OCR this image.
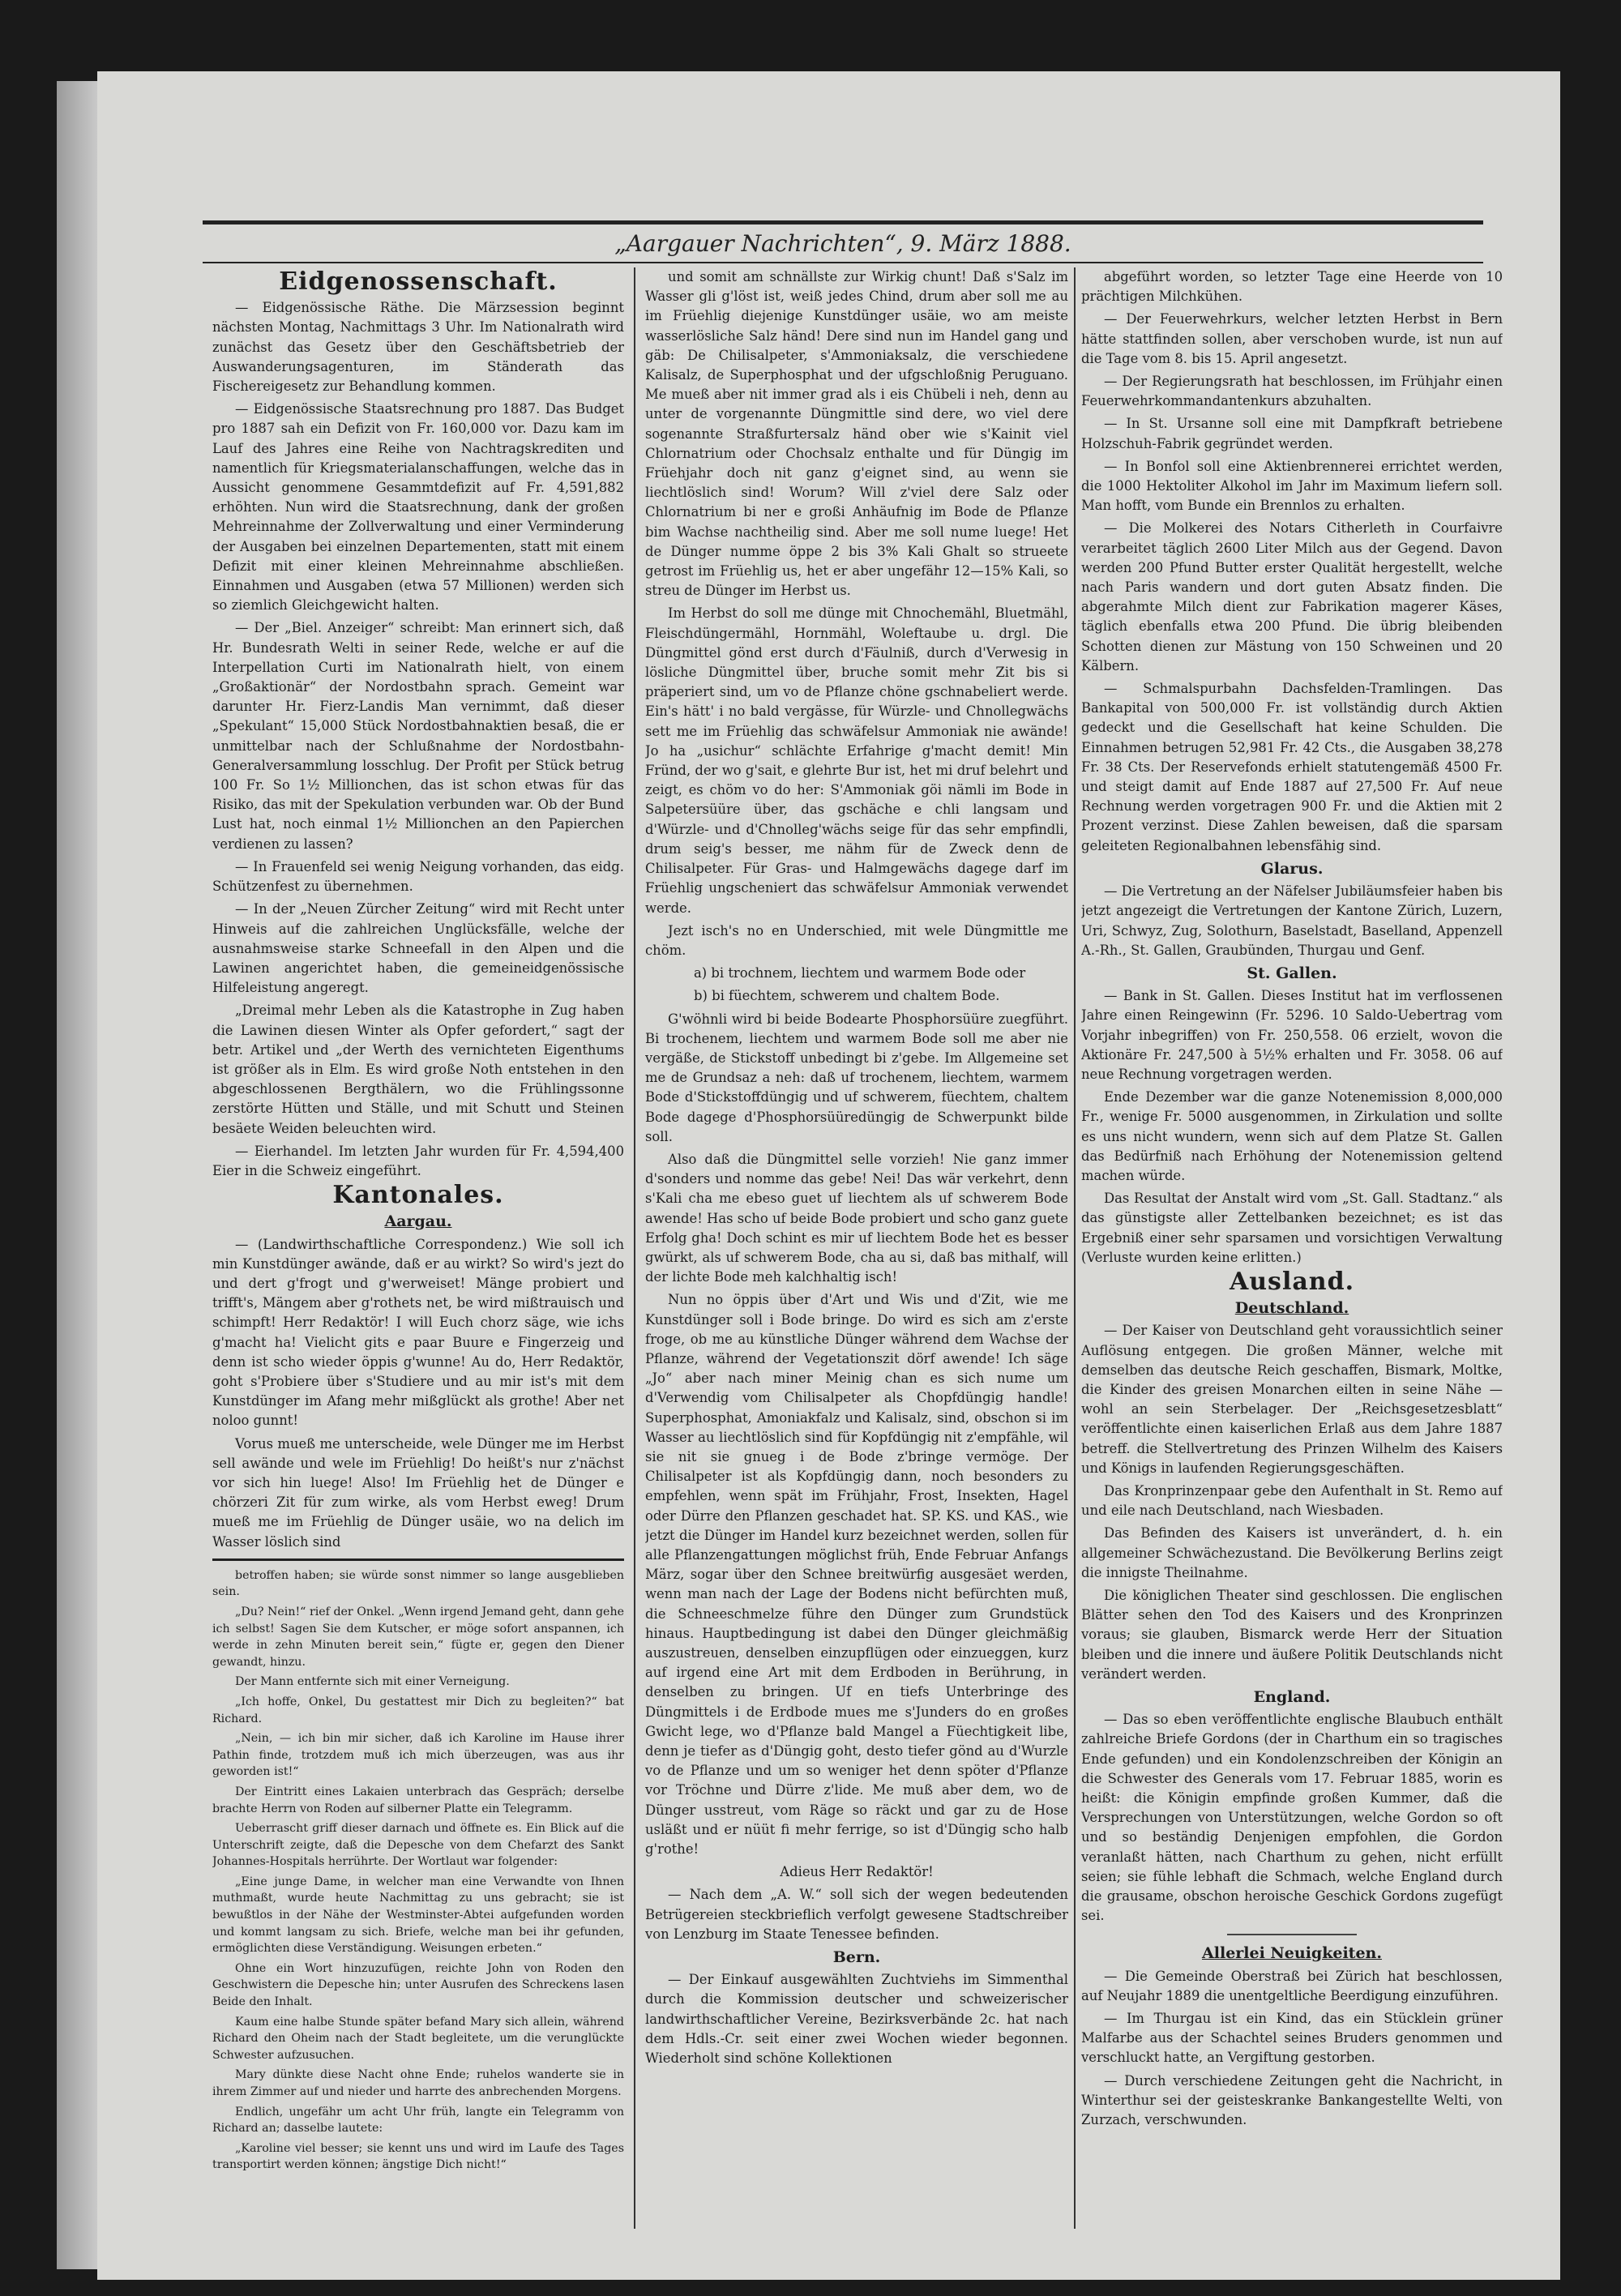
„Aargauer Nachrichten“, 9. März 1888.
Eidgenossenschaft.

— Eidgenössische Räthe. Die Märzsession beginnt nächsten Montag, Nachmittags 3 Uhr. Im Nationalrath wird zunächst das Gesetz über den Geschäftsbetrieb der Auswanderungsagenturen, im Ständerath das Fischereigesetz zur Behandlung kommen.

— Eidgenössische Staatsrechnung pro 1887. Das Budget pro 1887 sah ein Defizit von Fr. 160,000 vor. Dazu kam im Lauf des Jahres eine Reihe von Nachtragskrediten und namentlich für Kriegsmaterialanschaffungen, welche das in Aussicht genommene Gesammtdefizit auf Fr. 4,591,882 erhöhten. Nun wird die Staatsrechnung, dank der großen Mehreinnahme der Zollverwaltung und einer Verminderung der Ausgaben bei einzelnen Departementen, statt mit einem Defizit mit einer kleinen Mehreinnahme abschließen. Einnahmen und Ausgaben (etwa 57 Millionen) werden sich so ziemlich Gleichgewicht halten.

— Der „Biel. Anzeiger“ schreibt: Man erinnert sich, daß Hr. Bundesrath Welti in seiner Rede, welche er auf die Interpellation Curti im Nationalrath hielt, von einem „Großaktionär“ der Nordostbahn sprach. Gemeint war darunter Hr. Fierz-Landis Man vernimmt, daß dieser „Spekulant“ 15,000 Stück Nordostbahnaktien besaß, die er unmittelbar nach der Schlußnahme der Nordostbahn-Generalversammlung losschlug. Der Profit per Stück betrug 100 Fr. So 1½ Millionchen, das ist schon etwas für das Risiko, das mit der Spekulation verbunden war. Ob der Bund Lust hat, noch einmal 1½ Millionchen an den Papierchen verdienen zu lassen?

— In Frauenfeld sei wenig Neigung vorhanden, das eidg. Schützenfest zu übernehmen.

— In der „Neuen Zürcher Zeitung“ wird mit Recht unter Hinweis auf die zahlreichen Unglücksfälle, welche der ausnahmsweise starke Schneefall in den Alpen und die Lawinen angerichtet haben, die gemeineidgenössische Hilfeleistung angeregt.

„Dreimal mehr Leben als die Katastrophe in Zug haben die Lawinen diesen Winter als Opfer gefordert,“ sagt der betr. Artikel und „der Werth des vernichteten Eigenthums ist größer als in Elm. Es wird große Noth entstehen in den abgeschlossenen Bergthälern, wo die Frühlingssonne zerstörte Hütten und Ställe, und mit Schutt und Steinen besäete Weiden beleuchten wird.

— Eierhandel. Im letzten Jahr wurden für Fr. 4,594,400 Eier in die Schweiz eingeführt.

Kantonales.
Aargau.

— (Landwirthschaftliche Correspondenz.) Wie soll ich min Kunstdünger awände, daß er au wirkt? So wird's jezt do und dert g'frogt und g'werweiset! Mänge probiert und trifft's, Mängem aber g'rothets net, be wird mißtrauisch und schimpft! Herr Redaktör! I will Euch chorz säge, wie ichs g'macht ha! Vielicht gits e paar Buure e Fingerzeig und denn ist scho wieder öppis g'wunne! Au do, Herr Redaktör, goht s'Probiere über s'Studiere und au mir ist's mit dem Kunstdünger im Afang mehr mißglückt als grothe! Aber net noloo gunnt!

Vorus mueß me unterscheide, wele Dünger me im Herbst sell awände und wele im Früehlig! Do heißt's nur z'nächst vor sich hin luege! Also! Im Früehlig het de Dünger e chörzeri Zit für zum wirke, als vom Herbst eweg! Drum mueß me im Früehlig de Dünger usäie, wo na delich im Wasser löslich sind

betroffen haben; sie würde sonst nimmer so lange ausgeblieben sein.

„Du? Nein!“ rief der Onkel. „Wenn irgend Jemand geht, dann gehe ich selbst! Sagen Sie dem Kutscher, er möge sofort anspannen, ich werde in zehn Minuten bereit sein,“ fügte er, gegen den Diener gewandt, hinzu.

Der Mann entfernte sich mit einer Verneigung.

„Ich hoffe, Onkel, Du gestattest mir Dich zu begleiten?“ bat Richard.

„Nein, — ich bin mir sicher, daß ich Karoline im Hause ihrer Pathin finde, trotzdem muß ich mich überzeugen, was aus ihr geworden ist!“

Der Eintritt eines Lakaien unterbrach das Gespräch; derselbe brachte Herrn von Roden auf silberner Platte ein Telegramm.

Ueberrascht griff dieser darnach und öffnete es. Ein Blick auf die Unterschrift zeigte, daß die Depesche von dem Chefarzt des Sankt Johannes-Hospitals herrührte. Der Wortlaut war folgender:

„Eine junge Dame, in welcher man eine Verwandte von Ihnen muthmaßt, wurde heute Nachmittag zu uns gebracht; sie ist bewußtlos in der Nähe der Westminster-Abtei aufgefunden worden und kommt langsam zu sich. Briefe, welche man bei ihr gefunden, ermöglichten diese Verständigung. Weisungen erbeten.“

Ohne ein Wort hinzuzufügen, reichte John von Roden den Geschwistern die Depesche hin; unter Ausrufen des Schreckens lasen Beide den Inhalt.

Kaum eine halbe Stunde später befand Mary sich allein, während Richard den Oheim nach der Stadt begleitete, um die verunglückte Schwester aufzusuchen.

Mary dünkte diese Nacht ohne Ende; ruhelos wanderte sie in ihrem Zimmer auf und nieder und harrte des anbrechenden Morgens.

Endlich, ungefähr um acht Uhr früh, langte ein Telegramm von Richard an; dasselbe lautete:

„Karoline viel besser; sie kennt uns und wird im Laufe des Tages transportirt werden können; ängstige Dich nicht!“

und somit am schnällste zur Wirkig chunt! Daß s'Salz im Wasser gli g'löst ist, weiß jedes Chind, drum aber soll me au im Früehlig diejenige Kunstdünger usäie, wo am meiste wasserlösliche Salz händ! Dere sind nun im Handel gang und gäb: De Chilisalpeter, s'Ammoniaksalz, die verschiedene Kalisalz, de Superphosphat und der ufgschloßnig Peruguano. Me mueß aber nit immer grad als i eis Chübeli i neh, denn au unter de vorgenannte Düngmittle sind dere, wo viel dere sogenannte Straßfurtersalz händ ober wie s'Kainit viel Chlornatrium oder Chochsalz enthalte und für Düngig im Früehjahr doch nit ganz g'eignet sind, au wenn sie liechtlöslich sind! Worum? Will z'viel dere Salz oder Chlornatrium bi ner e großi Anhäufnig im Bode de Pflanze bim Wachse nachtheilig sind. Aber me soll nume luege! Het de Dünger numme öppe 2 bis 3% Kali Ghalt so strueete getrost im Früehlig us, het er aber ungefähr 12—15% Kali, so streu de Dünger im Herbst us.

Im Herbst do soll me dünge mit Chnochemähl, Bluetmähl, Fleischdüngermähl, Hornmähl, Woleftaube u. drgl. Die Düngmittel gönd erst durch d'Fäulniß, durch d'Verwesig in lösliche Düngmittel über, bruche somit mehr Zit bis si präperiert sind, um vo de Pflanze chöne gschnabeliert werde. Ein's hätt' i no bald vergässe, für Würzle- und Chnollegwächs sett me im Früehlig das schwäfelsur Ammoniak nie awände! Jo ha „usichur“ schlächte Erfahrige g'macht demit! Min Fründ, der wo g'sait, e glehrte Bur ist, het mi druf belehrt und zeigt, es chöm vo do her: S'Ammoniak göi nämli im Bode in Salpetersüüre über, das gschäche e chli langsam und d'Würzle- und d'Chnolleg'wächs seige für das sehr empfindli, drum seig's besser, me nähm für de Zweck denn de Chilisalpeter. Für Gras- und Halmgewächs dagege darf im Früehlig ungscheniert das schwäfelsur Ammoniak verwendet werde.

Jezt isch's no en Underschied, mit wele Düngmittle me chöm.

a) bi trochnem, liechtem und warmem Bode oder
b) bi füechtem, schwerem und chaltem Bode.

G'wöhnli wird bi beide Bodearte Phosphorsüüre zuegführt. Bi trochenem, liechtem und warmem Bode soll me aber nie vergäße, de Stickstoff unbedingt bi z'gebe. Im Allgemeine set me de Grundsaz a neh: daß uf trochenem, liechtem, warmem Bode d'Stickstoffdüngig und uf schwerem, füechtem, chaltem Bode dagege d'Phosphorsüüredüngig de Schwerpunkt bilde soll.

Also daß die Düngmittel selle vorzieh! Nie ganz immer d'sonders und nomme das gebe! Nei! Das wär verkehrt, denn s'Kali cha me ebeso guet uf liechtem als uf schwerem Bode awende! Has scho uf beide Bode probiert und scho ganz guete Erfolg gha! Doch schint es mir uf liechtem Bode het es besser gwürkt, als uf schwerem Bode, cha au si, daß bas mithalf, will der lichte Bode meh kalchhaltig isch!

Nun no öppis über d'Art und Wis und d'Zit, wie me Kunstdünger soll i Bode bringe. Do wird es sich am z'erste froge, ob me au künstliche Dünger während dem Wachse der Pflanze, während der Vegetationszit dörf awende! Ich säge „Jo“ aber nach miner Meinig chan es sich nume um d'Verwendig vom Chilisalpeter als Chopfdüngig handle! Superphosphat, Amoniakfalz und Kalisalz, sind, obschon si im Wasser au liechtlöslich sind für Kopfdüngig nit z'empfähle, wil sie nit sie gnueg i de Bode z'bringe vermöge. Der Chilisalpeter ist als Kopfdüngig dann, noch besonders zu empfehlen, wenn spät im Frühjahr, Frost, Insekten, Hagel oder Dürre den Pflanzen geschadet hat. SP. KS. und KAS., wie jetzt die Dünger im Handel kurz bezeichnet werden, sollen für alle Pflanzengattungen möglichst früh, Ende Februar Anfangs März, sogar über den Schnee breitwürfig ausgesäet werden, wenn man nach der Lage der Bodens nicht befürchten muß, die Schneeschmelze führe den Dünger zum Grundstück hinaus. Hauptbedingung ist dabei den Dünger gleichmäßig auszustreuen, denselben einzupflügen oder einzueggen, kurz auf irgend eine Art mit dem Erdboden in Berührung, in denselben zu bringen. Uf en tiefs Unterbringe des Düngmittels i de Erdbode mues me s'Junders do en großes Gwicht lege, wo d'Pflanze bald Mangel a Füechtigkeit libe, denn je tiefer as d'Düngig goht, desto tiefer gönd au d'Wurzle vo de Pflanze und um so weniger het denn spöter d'Pflanze vor Tröchne und Dürre z'lide. Me muß aber dem, wo de Dünger usstreut, vom Räge so räckt und gar zu de Hose usläßt und er nüüt fi mehr ferrige, so ist d'Düngig scho halb g'rothe!

Adieus Herr Redaktör!

— Nach dem „A. W.“ soll sich der wegen bedeutenden Betrügereien steckbrieflich verfolgt gewesene Stadtschreiber von Lenzburg im Staate Tenessee befinden.

Bern.

— Der Einkauf ausgewählten Zuchtviehs im Simmenthal durch die Kommission deutscher und schweizerischer landwirthschaftlicher Vereine, Bezirksverbände 2c. hat nach dem Hdls.-Cr. seit einer zwei Wochen wieder begonnen. Wiederholt sind schöne Kollektionen

abgeführt worden, so letzter Tage eine Heerde von 10 prächtigen Milchkühen.

— Der Feuerwehrkurs, welcher letzten Herbst in Bern hätte stattfinden sollen, aber verschoben wurde, ist nun auf die Tage vom 8. bis 15. April angesetzt.

— Der Regierungsrath hat beschlossen, im Frühjahr einen Feuerwehrkommandantenkurs abzuhalten.

— In St. Ursanne soll eine mit Dampfkraft betriebene Holzschuh-Fabrik gegründet werden.

— In Bonfol soll eine Aktienbrennerei errichtet werden, die 1000 Hektoliter Alkohol im Jahr im Maximum liefern soll. Man hofft, vom Bunde ein Brennlos zu erhalten.

— Die Molkerei des Notars Citherleth in Courfaivre verarbeitet täglich 2600 Liter Milch aus der Gegend. Davon werden 200 Pfund Butter erster Qualität hergestellt, welche nach Paris wandern und dort guten Absatz finden. Die abgerahmte Milch dient zur Fabrikation magerer Käses, täglich ebenfalls etwa 200 Pfund. Die übrig bleibenden Schotten dienen zur Mästung von 150 Schweinen und 20 Kälbern.

— Schmalspurbahn Dachsfelden-Tramlingen. Das Bankapital von 500,000 Fr. ist vollständig durch Aktien gedeckt und die Gesellschaft hat keine Schulden. Die Einnahmen betrugen 52,981 Fr. 42 Cts., die Ausgaben 38,278 Fr. 38 Cts. Der Reservefonds erhielt statutengemäß 4500 Fr. und steigt damit auf Ende 1887 auf 27,500 Fr. Auf neue Rechnung werden vorgetragen 900 Fr. und die Aktien mit 2 Prozent verzinst. Diese Zahlen beweisen, daß die sparsam geleiteten Regionalbahnen lebensfähig sind.

Glarus.

— Die Vertretung an der Näfelser Jubiläumsfeier haben bis jetzt angezeigt die Vertretungen der Kantone Zürich, Luzern, Uri, Schwyz, Zug, Solothurn, Baselstadt, Baselland, Appenzell A.-Rh., St. Gallen, Graubünden, Thurgau und Genf.

St. Gallen.

— Bank in St. Gallen. Dieses Institut hat im verflossenen Jahre einen Reingewinn (Fr. 5296. 10 Saldo-Uebertrag vom Vorjahr inbegriffen) von Fr. 250,558. 06 erzielt, wovon die Aktionäre Fr. 247,500 à 5½% erhalten und Fr. 3058. 06 auf neue Rechnung vorgetragen werden.

Ende Dezember war die ganze Notenemission 8,000,000 Fr., wenige Fr. 5000 ausgenommen, in Zirkulation und sollte es uns nicht wundern, wenn sich auf dem Platze St. Gallen das Bedürfniß nach Erhöhung der Notenemission geltend machen würde.

Das Resultat der Anstalt wird vom „St. Gall. Stadtanz.“ als das günstigste aller Zettelbanken bezeichnet; es ist das Ergebniß einer sehr sparsamen und vorsichtigen Verwaltung (Verluste wurden keine erlitten.)

Ausland.
Deutschland.

— Der Kaiser von Deutschland geht voraussichtlich seiner Auflösung entgegen. Die großen Männer, welche mit demselben das deutsche Reich geschaffen, Bismark, Moltke, die Kinder des greisen Monarchen eilten in seine Nähe — wohl an sein Sterbelager. Der „Reichsgesetzesblatt“ veröffentlichte einen kaiserlichen Erlaß aus dem Jahre 1887 betreff. die Stellvertretung des Prinzen Wilhelm des Kaisers und Königs in laufenden Regierungsgeschäften.

Das Kronprinzenpaar gebe den Aufenthalt in St. Remo auf und eile nach Deutschland, nach Wiesbaden.

Das Befinden des Kaisers ist unverändert, d. h. ein allgemeiner Schwächezustand. Die Bevölkerung Berlins zeigt die innigste Theilnahme.

Die königlichen Theater sind geschlossen. Die englischen Blätter sehen den Tod des Kaisers und des Kronprinzen voraus; sie glauben, Bismarck werde Herr der Situation bleiben und die innere und äußere Politik Deutschlands nicht verändert werden.

England.

— Das so eben veröffentlichte englische Blaubuch enthält zahlreiche Briefe Gordons (der in Charthum ein so tragisches Ende gefunden) und ein Kondolenzschreiben der Königin an die Schwester des Generals vom 17. Februar 1885, worin es heißt: die Königin empfinde großen Kummer, daß die Versprechungen von Unterstützungen, welche Gordon so oft und so beständig Denjenigen empfohlen, die Gordon veranlaßt hätten, nach Charthum zu gehen, nicht erfüllt seien; sie fühle lebhaft die Schmach, welche England durch die grausame, obschon heroische Geschick Gordons zugefügt sei.

Allerlei Neuigkeiten.

— Die Gemeinde Oberstraß bei Zürich hat beschlossen, auf Neujahr 1889 die unentgeltliche Beerdigung einzuführen.

— Im Thurgau ist ein Kind, das ein Stücklein grüner Malfarbe aus der Schachtel seines Bruders genommen und verschluckt hatte, an Vergiftung gestorben.

— Durch verschiedene Zeitungen geht die Nachricht, in Winterthur sei der geisteskranke Bankangestellte Welti, von Zurzach, verschwunden.
